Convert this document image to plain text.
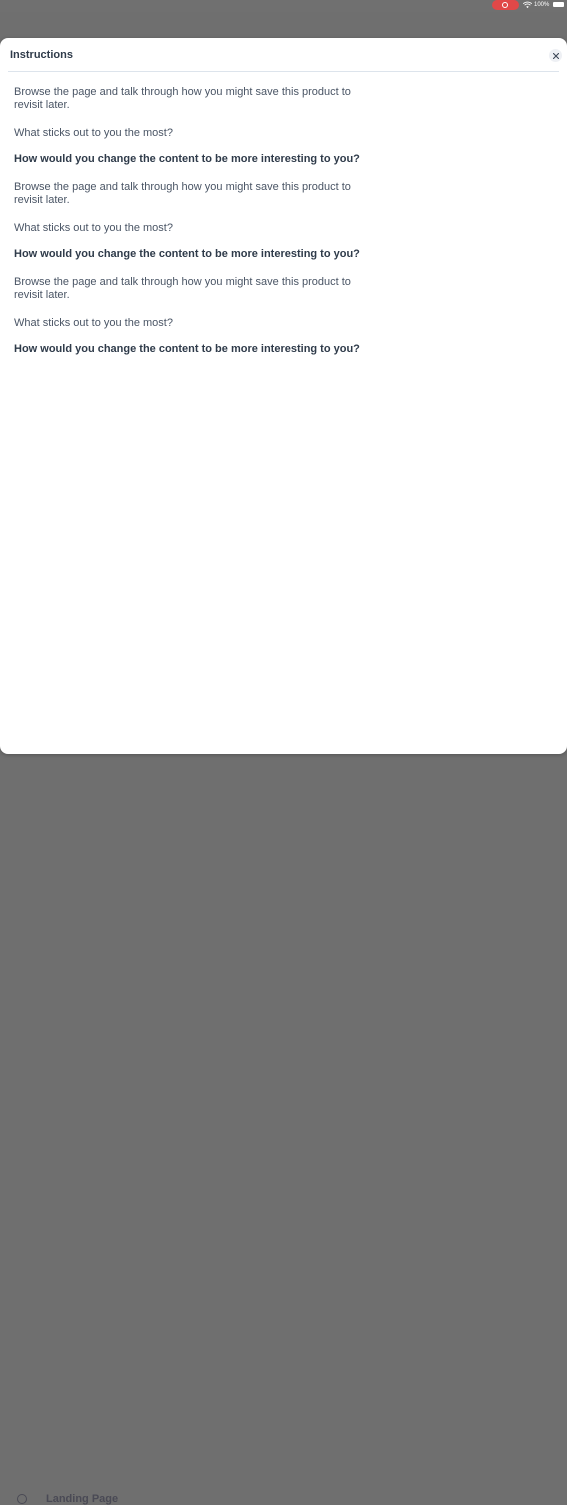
100%
Landing Page
Instructions
Browse the page and talk through how you might save this product to revisit later.
What sticks out to you the most?
How would you change the content to be more interesting to you?
Browse the page and talk through how you might save this product to revisit later.
What sticks out to you the most?
How would you change the content to be more interesting to you?
Browse the page and talk through how you might save this product to revisit later.
What sticks out to you the most?
How would you change the content to be more interesting to you?
